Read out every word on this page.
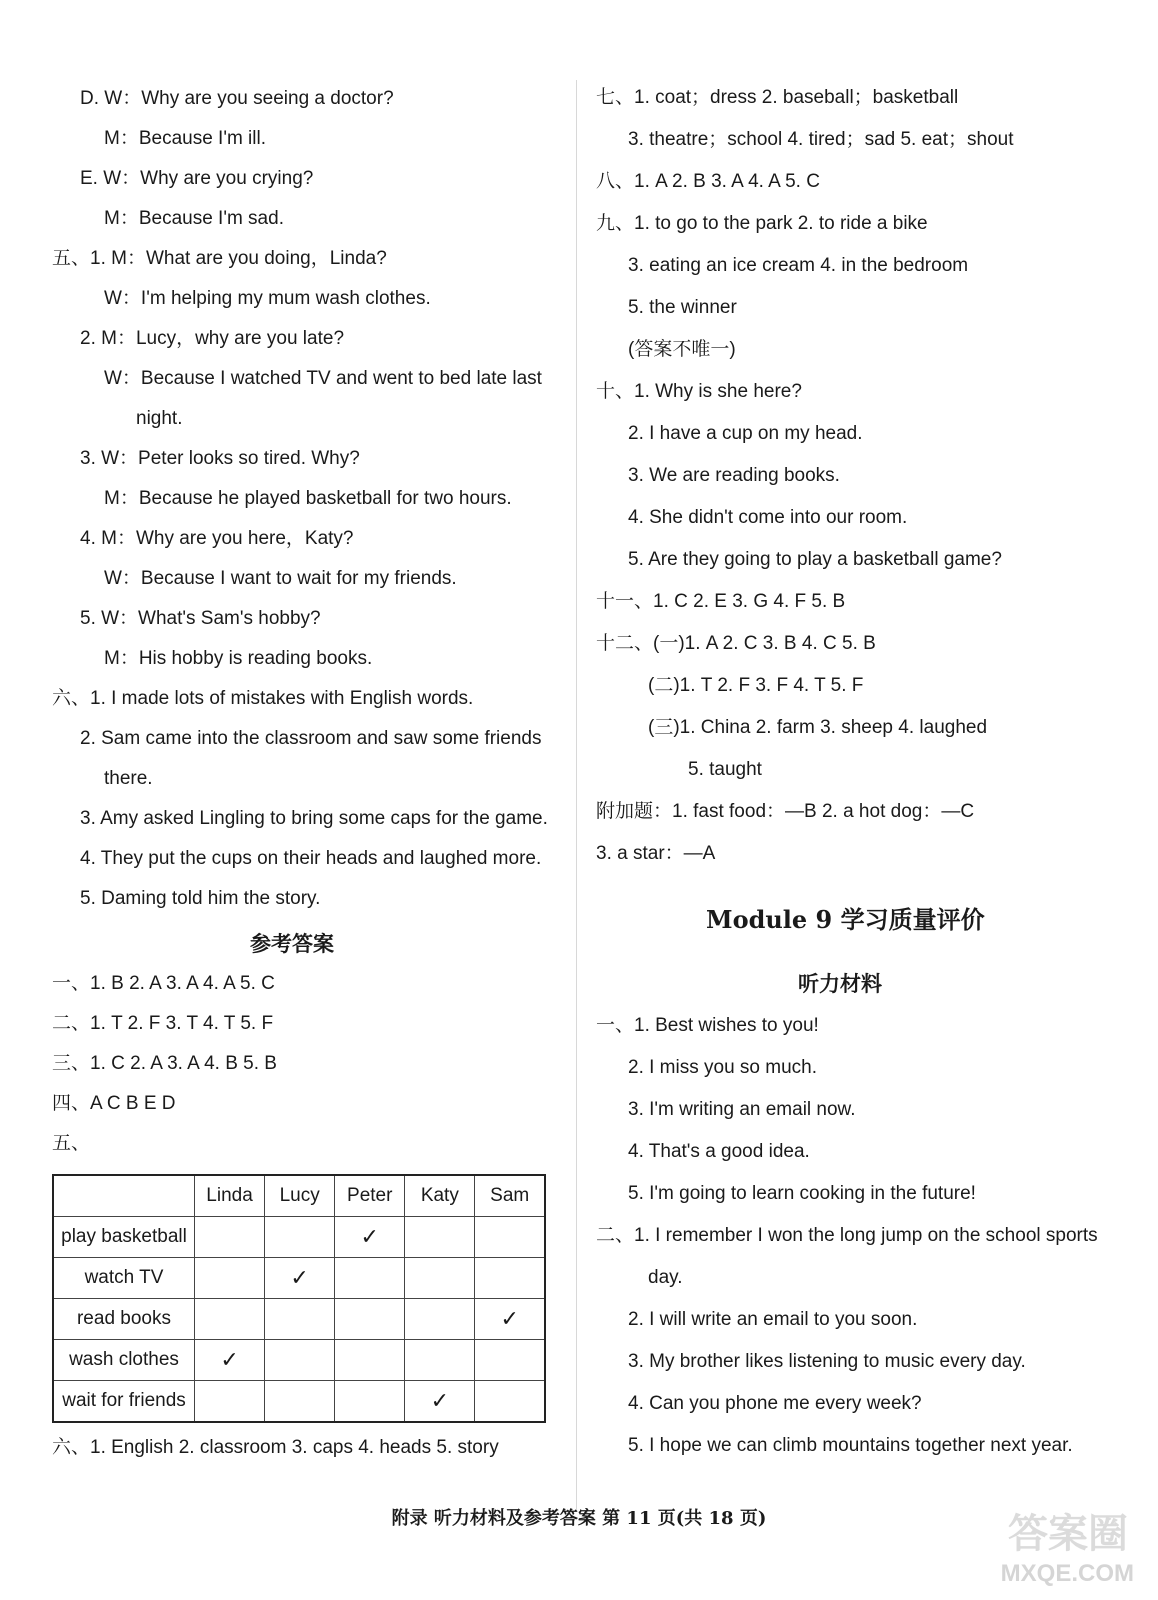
D. W：Why are you seeing a doctor?
M：Because I'm ill.
E. W：Why are you crying?
M：Because I'm sad.
五、1. M：What are you doing，Linda?
W：I'm helping my mum wash clothes.
2. M：Lucy，why are you late?
W：Because I watched TV and went to bed late last
night.
3. W：Peter looks so tired. Why?
M：Because he played basketball for two hours.
4. M：Why are you here，Katy?
W：Because I want to wait for my friends.
5. W：What's Sam's hobby?
M：His hobby is reading books.
六、1. I made lots of mistakes with English words.
2. Sam came into the classroom and saw some friends
there.
3. Amy asked Lingling to bring some caps for the game.
4. They put the cups on their heads and laughed more.
5. Daming told him the story.
参考答案
一、1. B 2. A 3. A 4. A 5. C
二、1. T 2. F 3. T 4. T 5. F
三、1. C 2. A 3. A 4. B 5. B
四、A C B E D
五、
	Linda	Lucy	Peter	Katy	Sam
play basketball			✓		
watch TV		✓			
read books					✓
wash clothes	✓				
wait for friends				✓	
六、1. English 2. classroom 3. caps 4. heads 5. story
七、1. coat；dress 2. baseball；basketball
3. theatre；school 4. tired；sad 5. eat；shout
八、1. A 2. B 3. A 4. A 5. C
九、1. to go to the park 2. to ride a bike
3. eating an ice cream 4. in the bedroom
5. the winner
(答案不唯一)
十、1. Why is she here?
2. I have a cup on my head.
3. We are reading books.
4. She didn't come into our room.
5. Are they going to play a basketball game?
十一、1. C 2. E 3. G 4. F 5. B
十二、(一)1. A 2. C 3. B 4. C 5. B
(二)1. T 2. F 3. F 4. T 5. F
(三)1. China 2. farm 3. sheep 4. laughed
5. taught
附加题：1. fast food：—B 2. a hot dog：—C
3. a star：—A
Module 9 学习质量评价
听力材料
一、1. Best wishes to you!
2. I miss you so much.
3. I'm writing an email now.
4. That's a good idea.
5. I'm going to learn cooking in the future!
二、1. I remember I won the long jump on the school sports
day.
2. I will write an email to you soon.
3. My brother likes listening to music every day.
4. Can you phone me every week?
5. I hope we can climb mountains together next year.
附录 听力材料及参考答案 第 11 页(共 18 页)	答案圈
MXQE.COM
